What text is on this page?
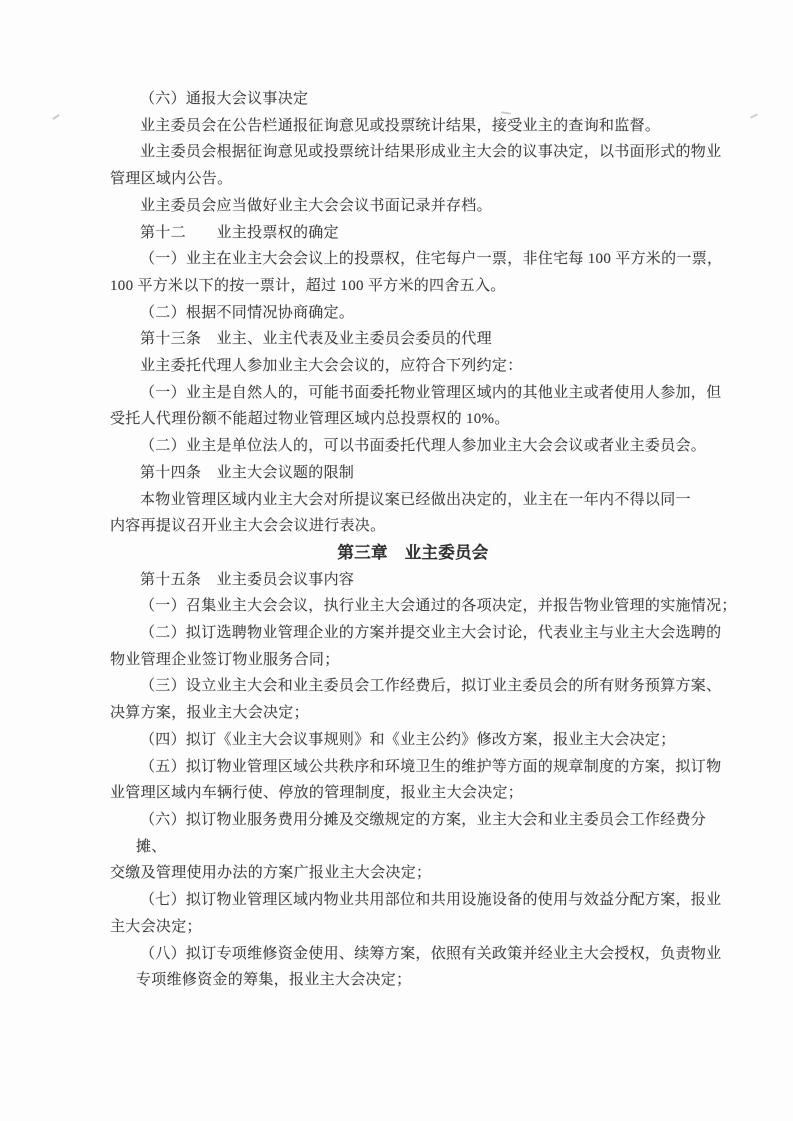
（六）通报大会议事决定
业主委员会在公告栏通报征询意见或投票统计结果，接受业主的查询和监督。
业主委员会根据征询意见或投票统计结果形成业主大会的议事决定，以书面形式的物业
管理区域内公告。
业主委员会应当做好业主大会会议书面记录并存档。
第十二　　业主投票权的确定
（一）业主在业主大会会议上的投票权，住宅每户一票，非住宅每 100 平方米的一票，
100 平方米以下的按一票计，超过 100 平方米的四舍五入。
（二）根据不同情况协商确定。
第十三条　业主、业主代表及业主委员会委员的代理
业主委托代理人参加业主大会会议的，应符合下列约定：
（一）业主是自然人的，可能书面委托物业管理区域内的其他业主或者使用人参加，但
受托人代理份额不能超过物业管理区域内总投票权的 10%。
（二）业主是单位法人的，可以书面委托代理人参加业主大会会议或者业主委员会。
第十四条　业主大会议题的限制
本物业管理区域内业主大会对所提议案已经做出决定的，业主在一年内不得以同一
内容再提议召开业主大会会议进行表决。
第三章　业主委员会
第十五条　业主委员会议事内容
（一）召集业主大会会议，执行业主大会通过的各项决定，并报告物业管理的实施情况；
（二）拟订选聘物业管理企业的方案并提交业主大会讨论，代表业主与业主大会选聘的
物业管理企业签订物业服务合同；
（三）设立业主大会和业主委员会工作经费后，拟订业主委员会的所有财务预算方案、
决算方案，报业主大会决定；
（四）拟订《业主大会议事规则》和《业主公约》修改方案，报业主大会决定；
（五）拟订物业管理区域公共秩序和环境卫生的维护等方面的规章制度的方案，拟订物
业管理区域内车辆行使、停放的管理制度，报业主大会决定；
（六）拟订物业服务费用分摊及交缴规定的方案，业主大会和业主委员会工作经费分
摊、
交缴及管理使用办法的方案广报业主大会决定；
（七）拟订物业管理区域内物业共用部位和共用设施设备的使用与效益分配方案，报业
主大会决定；
（八）拟订专项维修资金使用、续筹方案，依照有关政策并经业主大会授权，负责物业
专项维修资金的筹集，报业主大会决定；
